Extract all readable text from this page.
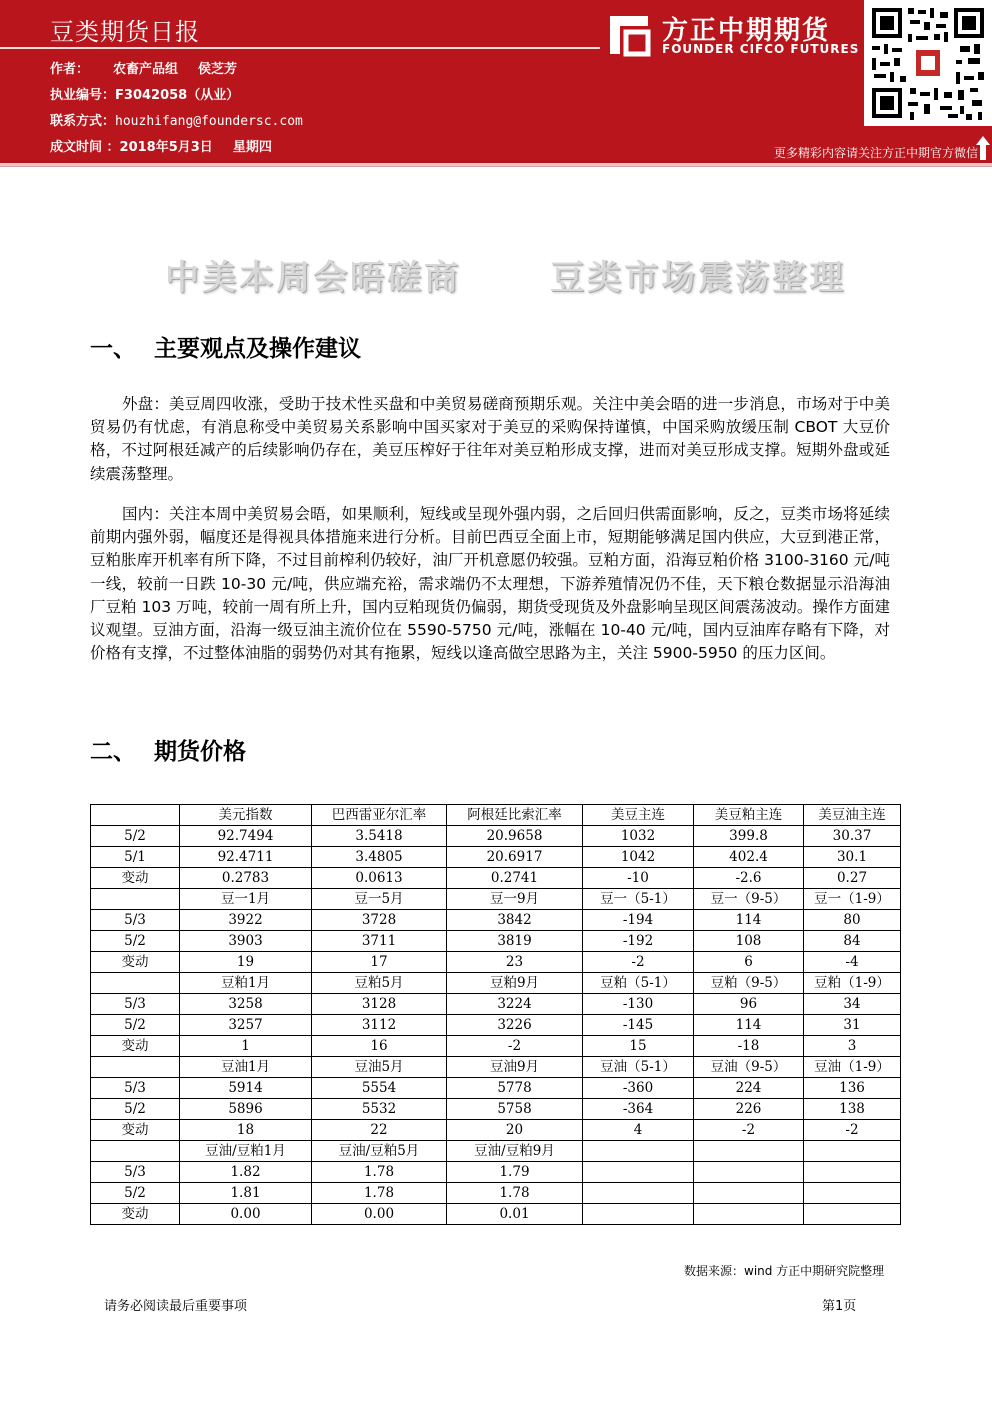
豆类期货日报
作者： 农畜产品组 侯芝芳
执业编号：F3042058（从业）
联系方式：houzhifang@foundersc.com
成文时间 ：2018年5月3日 星期四
方正中期期货
FOUNDER CIFCO FUTURES
更多精彩内容请关注方正中期官方微信
中美本周会晤磋商	豆类市场震荡整理
一、 主要观点及操作建议

外盘：美豆周四收涨，受助于技术性买盘和中美贸易磋商预期乐观。关注中美会晤的进一步消息，市场对于中美贸易仍有忧虑，有消息称受中美贸易关系影响中国买家对于美豆的采购保持谨慎，中国采购放缓压制 CBOT 大豆价格，不过阿根廷减产的后续影响仍存在，美豆压榨好于往年对美豆粕形成支撑，进而对美豆形成支撑。短期外盘或延续震荡整理。

国内：关注本周中美贸易会晤，如果顺利，短线或呈现外强内弱，之后回归供需面影响，反之，豆类市场将延续前期内强外弱，幅度还是得视具体措施来进行分析。目前巴西豆全面上市，短期能够满足国内供应，大豆到港正常，豆粕胀库开机率有所下降，不过目前榨利仍较好，油厂开机意愿仍较强。豆粕方面，沿海豆粕价格 3100-3160 元/吨一线，较前一日跌 10-30 元/吨，供应端充裕，需求端仍不太理想，下游养殖情况仍不佳，天下粮仓数据显示沿海油厂豆粕 103 万吨，较前一周有所上升，国内豆粕现货仍偏弱，期货受现货及外盘影响呈现区间震荡波动。操作方面建议观望。豆油方面，沿海一级豆油主流价位在 5590-5750 元/吨，涨幅在 10-40 元/吨，国内豆油库存略有下降，对价格有支撑，不过整体油脂的弱势仍对其有拖累，短线以逢高做空思路为主，关注 5900-5950 的压力区间。

二、 期货价格
	美元指数	巴西雷亚尔汇率	阿根廷比索汇率	美豆主连	美豆粕主连	美豆油主连
5/2	92.7494	3.5418	20.9658	1032	399.8	30.37
5/1	92.4711	3.4805	20.6917	1042	402.4	30.1
变动	0.2783	0.0613	0.2741	-10	-2.6	0.27
	豆一1月	豆一5月	豆一9月	豆一（5-1）	豆一（9-5）	豆一（1-9）
5/3	3922	3728	3842	-194	114	80
5/2	3903	3711	3819	-192	108	84
变动	19	17	23	-2	6	-4
	豆粕1月	豆粕5月	豆粕9月	豆粕（5-1）	豆粕（9-5）	豆粕（1-9）
5/3	3258	3128	3224	-130	96	34
5/2	3257	3112	3226	-145	114	31
变动	1	16	-2	15	-18	3
	豆油1月	豆油5月	豆油9月	豆油（5-1）	豆油（9-5）	豆油（1-9）
5/3	5914	5554	5778	-360	224	136
5/2	5896	5532	5758	-364	226	138
变动	18	22	20	4	-2	-2
	豆油/豆粕1月	豆油/豆粕5月	豆油/豆粕9月			
5/3	1.82	1.78	1.79			
5/2	1.81	1.78	1.78			
变动	0.00	0.00	0.01			
数据来源：wind 方正中期研究院整理
请务必阅读最后重要事项	第1页
